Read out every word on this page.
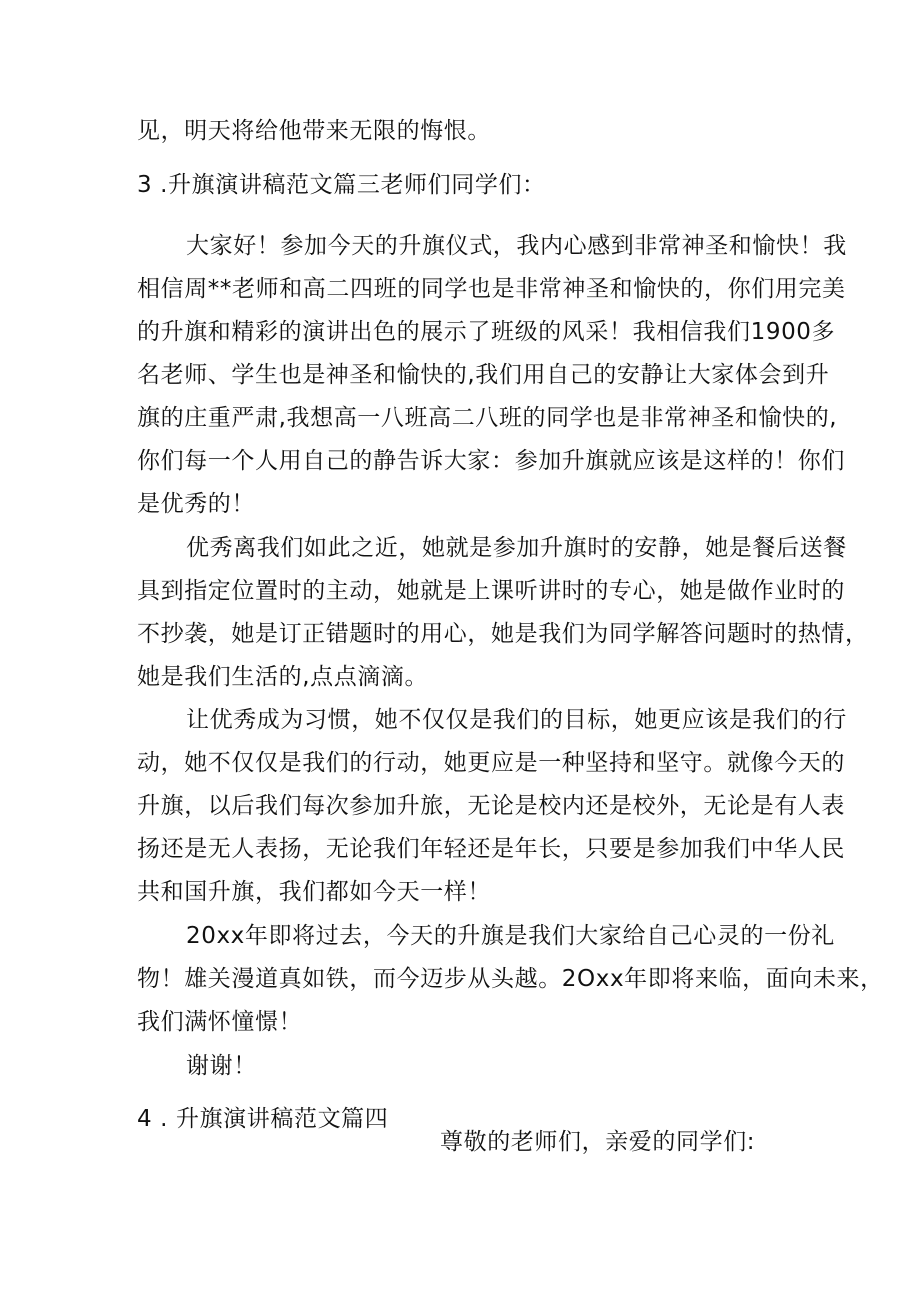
见，明天将给他带来无限的悔恨。

3 .升旗演讲稿范文篇三老师们同学们：

大家好！参加今天的升旗仪式，我内心感到非常神圣和愉快！我

相信周**老师和高二四班的同学也是非常神圣和愉快的，你们用完美

的升旗和精彩的演讲出色的展示了班级的风采！我相信我们1900多

名老师、学生也是神圣和愉快的,我们用自己的安静让大家体会到升

旗的庄重严肃,我想高一八班高二八班的同学也是非常神圣和愉快的,

你们每一个人用自己的静告诉大家：参加升旗就应该是这样的！你们

是优秀的！

优秀离我们如此之近，她就是参加升旗时的安静，她是餐后送餐

具到指定位置时的主动，她就是上课听讲时的专心，她是做作业时的

不抄袭，她是订正错题时的用心，她是我们为同学解答问题时的热情，

她是我们生活的,点点滴滴。

让优秀成为习惯，她不仅仅是我们的目标，她更应该是我们的行

动，她不仅仅是我们的行动，她更应是一种坚持和坚守。就像今天的

升旗，以后我们每次参加升旅，无论是校内还是校外，无论是有人表

扬还是无人表扬，无论我们年轻还是年长，只要是参加我们中华人民

共和国升旗，我们都如今天一样！

20xx年即将过去，今天的升旗是我们大家给自己心灵的一份礼

物！雄关漫道真如铁，而今迈步从头越。2Oxx年即将来临，面向未来，

我们满怀憧憬！

谢谢！

4 . 升旗演讲稿范文篇四

尊敬的老师们，亲爱的同学们:
